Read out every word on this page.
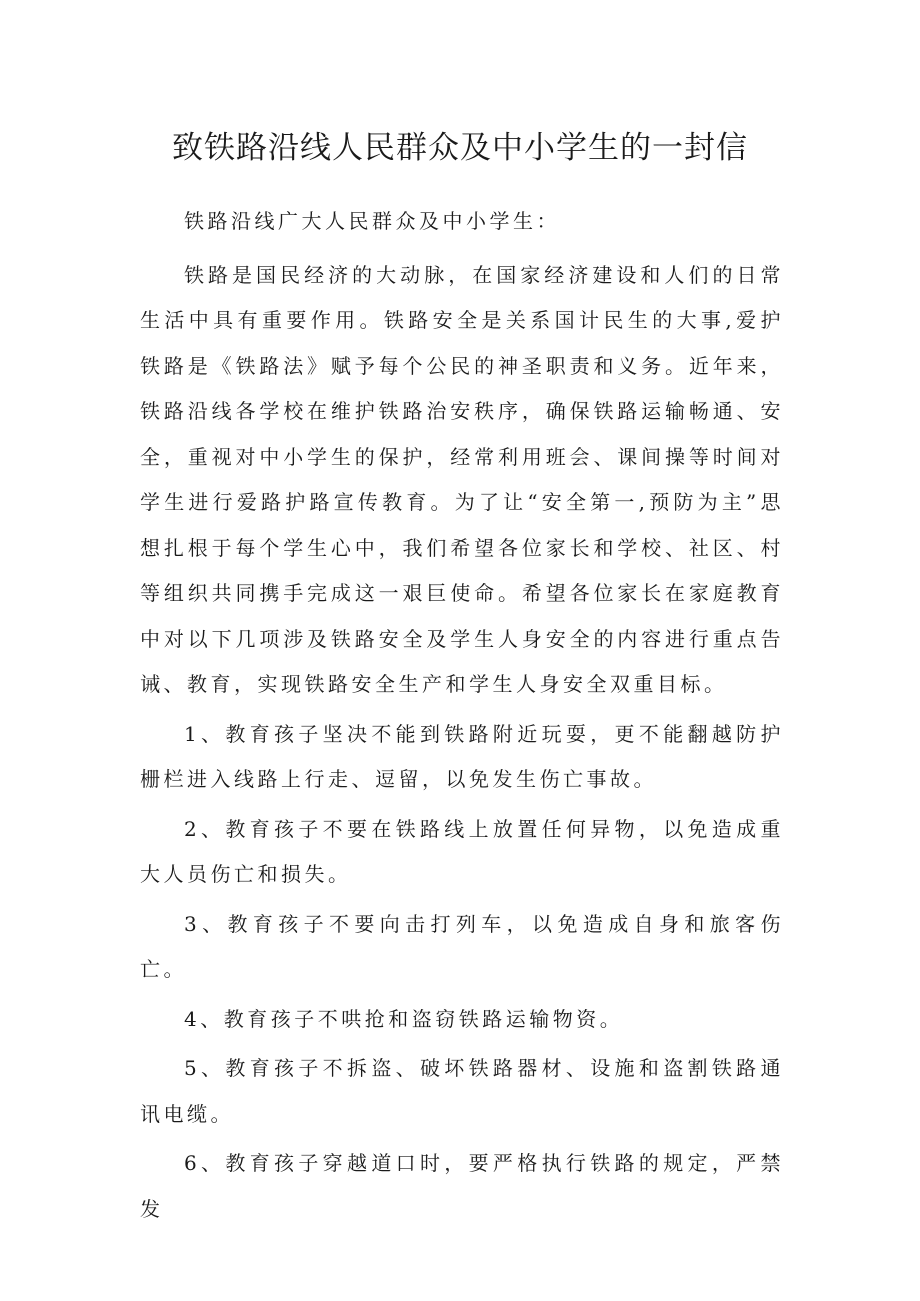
致铁路沿线人民群众及中小学生的一封信

铁路沿线广大人民群众及中小学生：

铁路是国民经济的大动脉，在国家经济建设和人们的日常生活中具有重要作用。铁路安全是关系国计民生的大事,爱护铁路是《铁路法》赋予每个公民的神圣职责和义务。近年来，铁路沿线各学校在维护铁路治安秩序，确保铁路运输畅通、安全，重视对中小学生的保护，经常利用班会、课间操等时间对学生进行爱路护路宣传教育。为了让“安全第一,预防为主”思想扎根于每个学生心中，我们希望各位家长和学校、社区、村等组织共同携手完成这一艰巨使命。希望各位家长在家庭教育中对以下几项涉及铁路安全及学生人身安全的内容进行重点告诫、教育，实现铁路安全生产和学生人身安全双重目标。

1、教育孩子坚决不能到铁路附近玩耍，更不能翻越防护栅栏进入线路上行走、逗留，以免发生伤亡事故。

2、教育孩子不要在铁路线上放置任何异物，以免造成重大人员伤亡和损失。

3、教育孩子不要向击打列车，以免造成自身和旅客伤亡。

4、教育孩子不哄抢和盗窃铁路运输物资。

5、教育孩子不拆盗、破坏铁路器材、设施和盗割铁路通讯电缆。

6、教育孩子穿越道口时，要严格执行铁路的规定，严禁发
